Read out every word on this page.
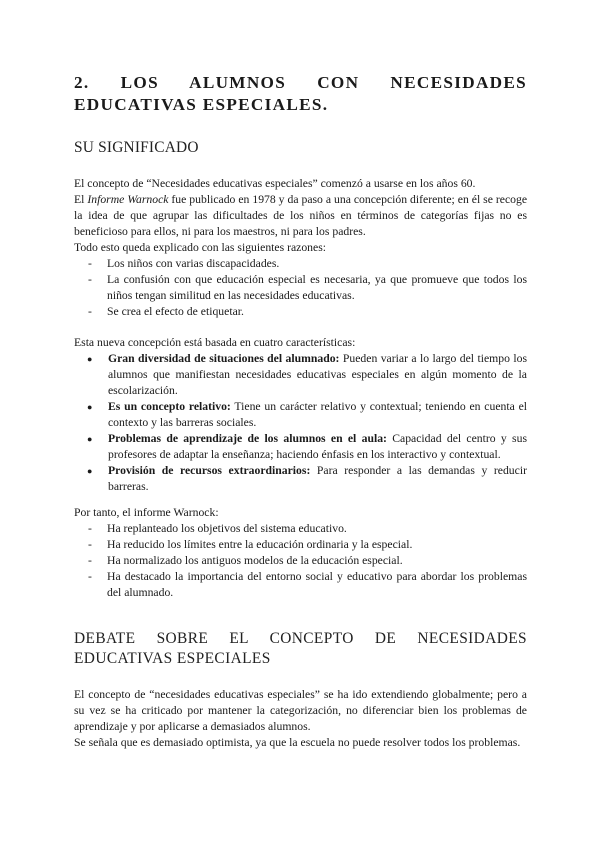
2. LOS ALUMNOS CON NECESIDADES EDUCATIVAS ESPECIALES.
SU SIGNIFICADO

El concepto de “Necesidades educativas especiales” comenzó a usarse en los años 60.

El Informe Warnock fue publicado en 1978 y da paso a una concepción diferente; en él se recoge la idea de que agrupar las dificultades de los niños en términos de categorías fijas no es beneficioso para ellos, ni para los maestros, ni para los padres.

Todo esto queda explicado con las siguientes razones:

- Los niños con varias discapacidades.
- La confusión con que educación especial es necesaria, ya que promueve que todos los niños tengan similitud en las necesidades educativas.
- Se crea el efecto de etiquetar.

Esta nueva concepción está basada en cuatro características:

● Gran diversidad de situaciones del alumnado: Pueden variar a lo largo del tiempo los alumnos que manifiestan necesidades educativas especiales en algún momento de la escolarización.
● Es un concepto relativo: Tiene un carácter relativo y contextual; teniendo en cuenta el contexto y las barreras sociales.
● Problemas de aprendizaje de los alumnos en el aula: Capacidad del centro y sus profesores de adaptar la enseñanza; haciendo énfasis en los interactivo y contextual.
● Provisión de recursos extraordinarios: Para responder a las demandas y reducir barreras.

Por tanto, el informe Warnock:

- Ha replanteado los objetivos del sistema educativo.
- Ha reducido los límites entre la educación ordinaria y la especial.
- Ha normalizado los antiguos modelos de la educación especial.
- Ha destacado la importancia del entorno social y educativo para abordar los problemas del alumnado.
DEBATE SOBRE EL CONCEPTO DE NECESIDADES EDUCATIVAS ESPECIALES

El concepto de “necesidades educativas especiales” se ha ido extendiendo globalmente; pero a su vez se ha criticado por mantener la categorización, no diferenciar bien los problemas de aprendizaje y por aplicarse a demasiados alumnos.

Se señala que es demasiado optimista, ya que la escuela no puede resolver todos los problemas.
